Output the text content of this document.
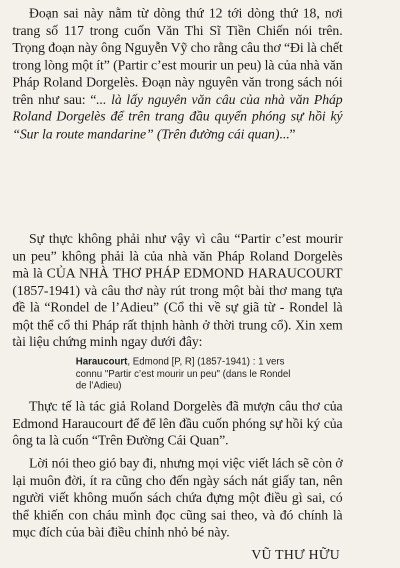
Đoạn sai này nằm từ dòng thứ 12 tới dòng thứ 18, nơi trang số 117 trong cuốn Văn Thi Sĩ Tiền Chiến nói trên. Trọng đoạn này ông Nguyễn Vỹ cho rằng câu thơ “Đi là chết trong lòng một ít” (Partir c’est mourir un peu) là của nhà văn Pháp Roland Dorgelès. Đoạn này nguyên văn trong sách nói trên như sau: “... là lấy nguyên văn câu của nhà văn Pháp Roland Dorgelès để trên trang đầu quyển phóng sự hồi ký “Sur la route mandarine” (Trên đường cái quan)...”

Sự thực không phải như vậy vì câu “Partir c’est mourir un peu” không phải là của nhà văn Pháp Roland Dorgelès mà là CỦA NHÀ THƠ PHÁP EDMOND HARAUCOURT (1857-1941) và câu thơ này rút trong một bài thơ mang tựa đề là “Rondel de l’Adieu” (Cổ thi về sự giã từ - Rondel là một thể cổ thi Pháp rất thịnh hành ở thời trung cổ). Xin xem tài liệu chứng minh ngay dưới đây:

Haraucourt, Edmond [P, R] (1857-1941) : 1 vers
connu "Partir c’est mourir un peu" (dans le Rondel
de l’Adieu)

Thực tế là tác giả Roland Dorgelès đã mượn câu thơ của Edmond Haraucourt để để lên đầu cuốn phóng sự hồi ký của ông ta là cuốn “Trên Đường Cái Quan”.

Lời nói theo gió bay đi, nhưng mọi việc viết lách sẽ còn ở lại muôn đời, ít ra cũng cho đến ngày sách nát giấy tan, nên người viết không muốn sách chứa đựng một điều gì sai, có thể khiến con cháu mình đọc cũng sai theo, và đó chính là mục đích của bài điều chỉnh nhỏ bé này.

VŨ THƯ HỮU
